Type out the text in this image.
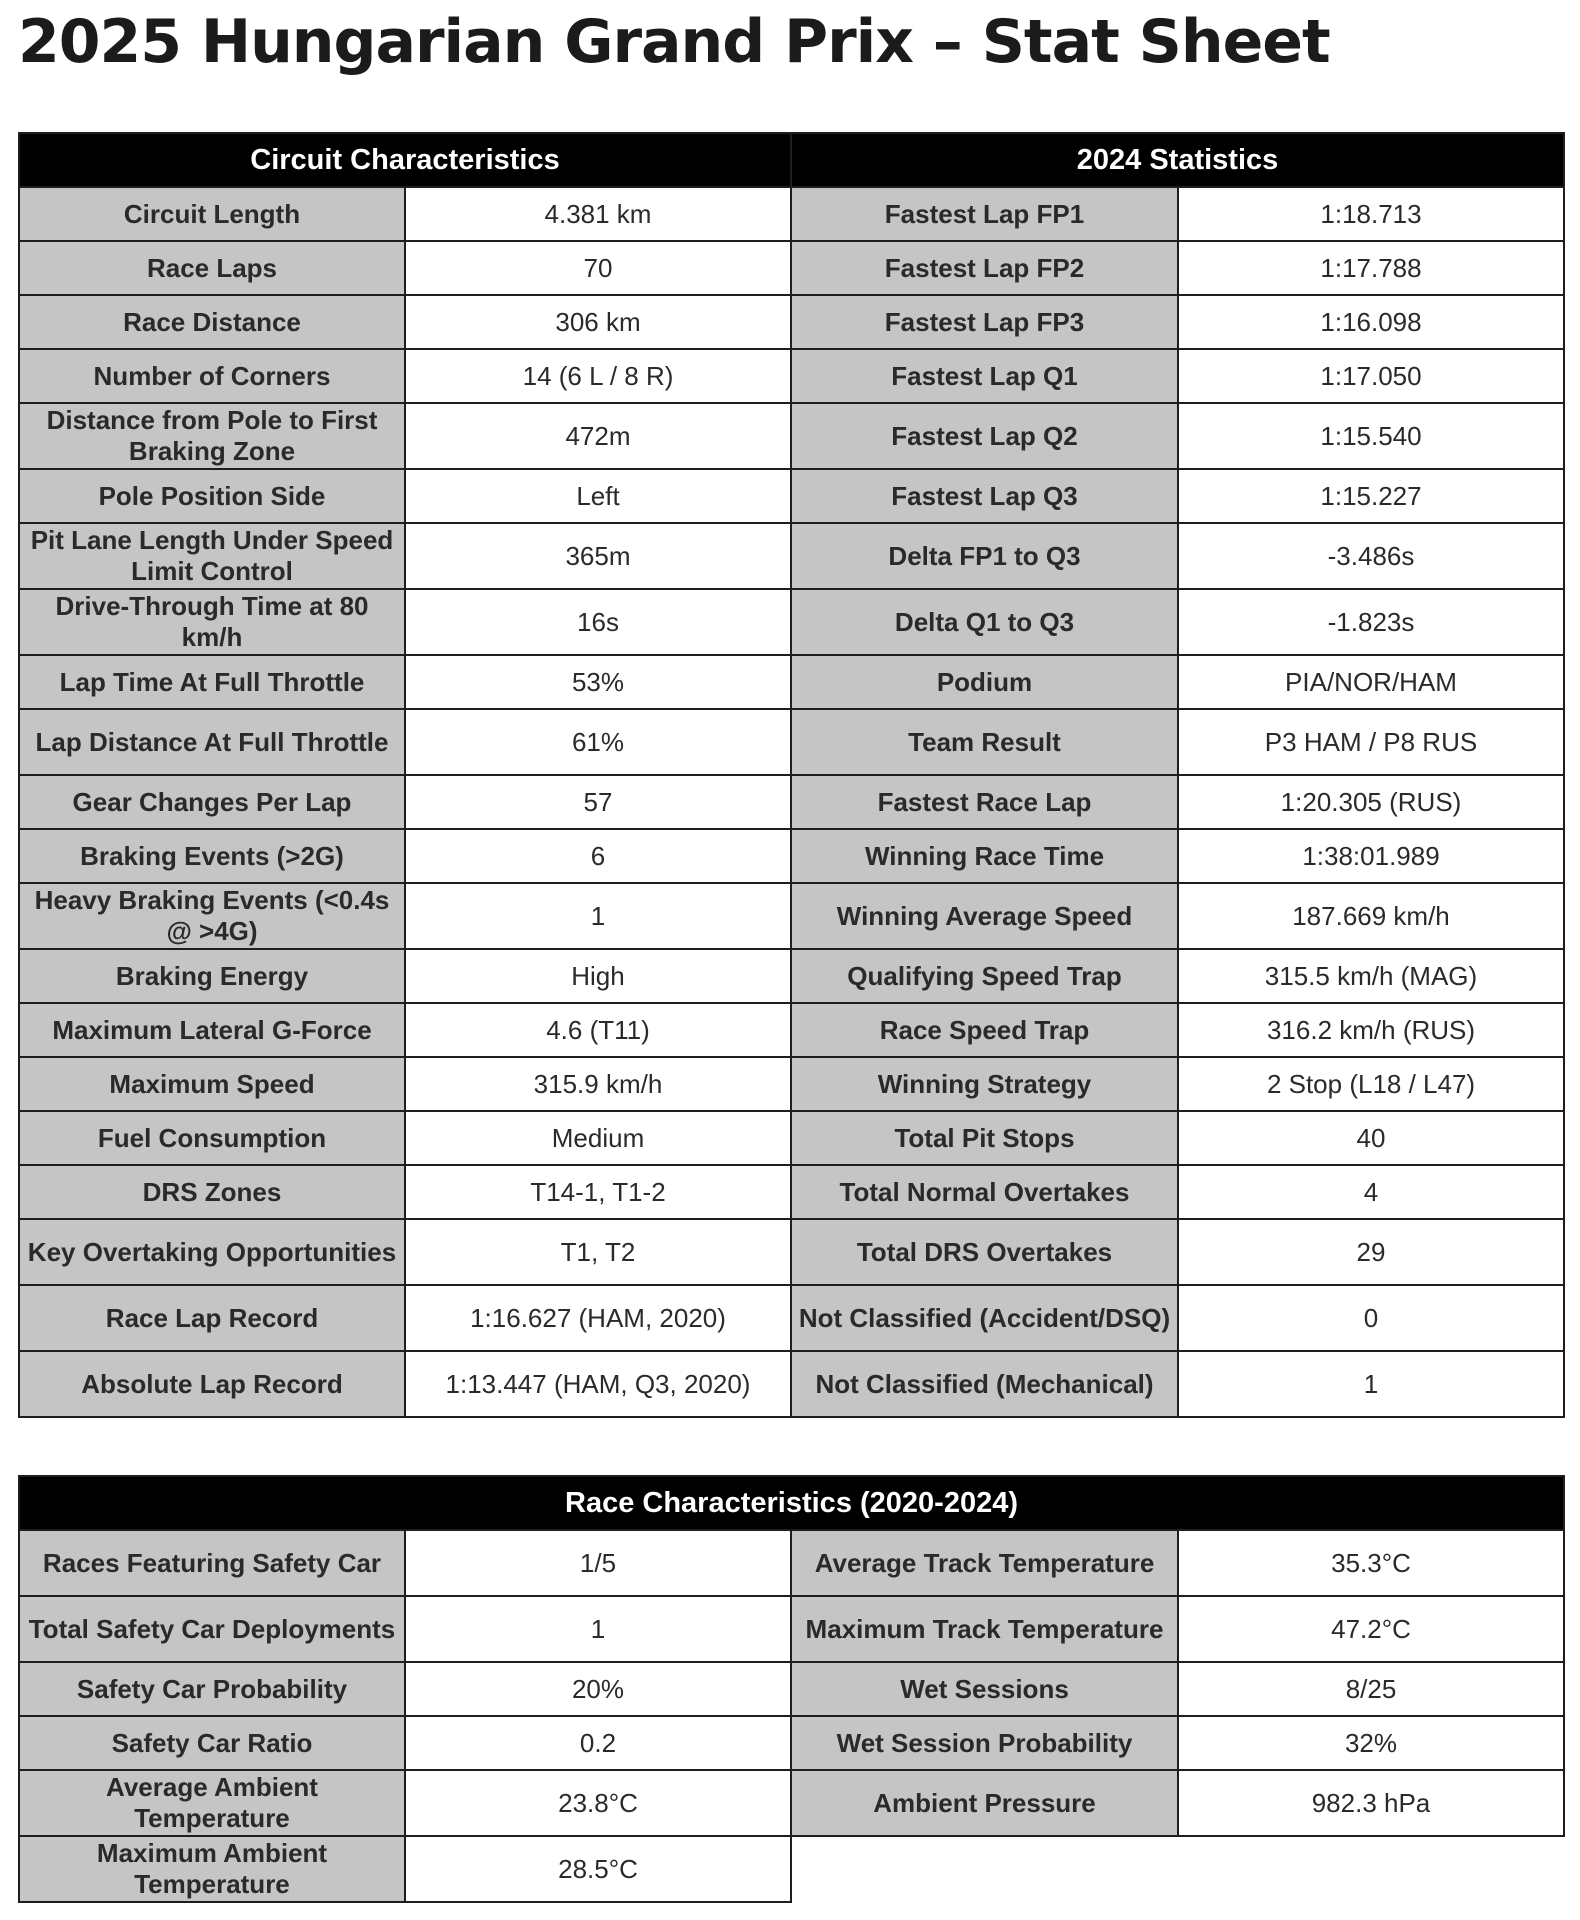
2025 Hungarian Grand Prix – Stat Sheet
Circuit Characteristics		2024 Statistics	
Circuit Length	4.381 km	Fastest Lap FP1	1:18.713
Race Laps	70	Fastest Lap FP2	1:17.788
Race Distance	306 km	Fastest Lap FP3	1:16.098
Number of Corners	14 (6 L / 8 R)	Fastest Lap Q1	1:17.050
Distance from Pole to First Braking Zone	472m	Fastest Lap Q2	1:15.540
Pole Position Side	Left	Fastest Lap Q3	1:15.227
Pit Lane Length Under Speed Limit Control	365m	Delta FP1 to Q3	-3.486s
Drive-Through Time at 80 km/h	16s	Delta Q1 to Q3	-1.823s
Lap Time At Full Throttle	53%	Podium	PIA/NOR/HAM
Lap Distance At Full Throttle	61%	Team Result	P3 HAM / P8 RUS
Gear Changes Per Lap	57	Fastest Race Lap	1:20.305 (RUS)
Braking Events (>2G)	6	Winning Race Time	1:38:01.989
Heavy Braking Events (<0.4s @ >4G)	1	Winning Average Speed	187.669 km/h
Braking Energy	High	Qualifying Speed Trap	315.5 km/h (MAG)
Maximum Lateral G-Force	4.6 (T11)	Race Speed Trap	316.2 km/h (RUS)
Maximum Speed	315.9 km/h	Winning Strategy	2 Stop (L18 / L47)
Fuel Consumption	Medium	Total Pit Stops	40
DRS Zones	T14-1, T1-2	Total Normal Overtakes	4
Key Overtaking Opportunities	T1, T2	Total DRS Overtakes	29
Race Lap Record	1:16.627 (HAM, 2020)	Not Classified (Accident/DSQ)	0
Absolute Lap Record	1:13.447 (HAM, Q3, 2020)	Not Classified (Mechanical)	1
Race Characteristics (2020-2024)			
Races Featuring Safety Car	1/5	Average Track Temperature	35.3°C
Total Safety Car Deployments	1	Maximum Track Temperature	47.2°C
Safety Car Probability	20%	Wet Sessions	8/25
Safety Car Ratio	0.2	Wet Session Probability	32%
Average Ambient Temperature	23.8°C	Ambient Pressure	982.3 hPa
Maximum Ambient Temperature	28.5°C		
